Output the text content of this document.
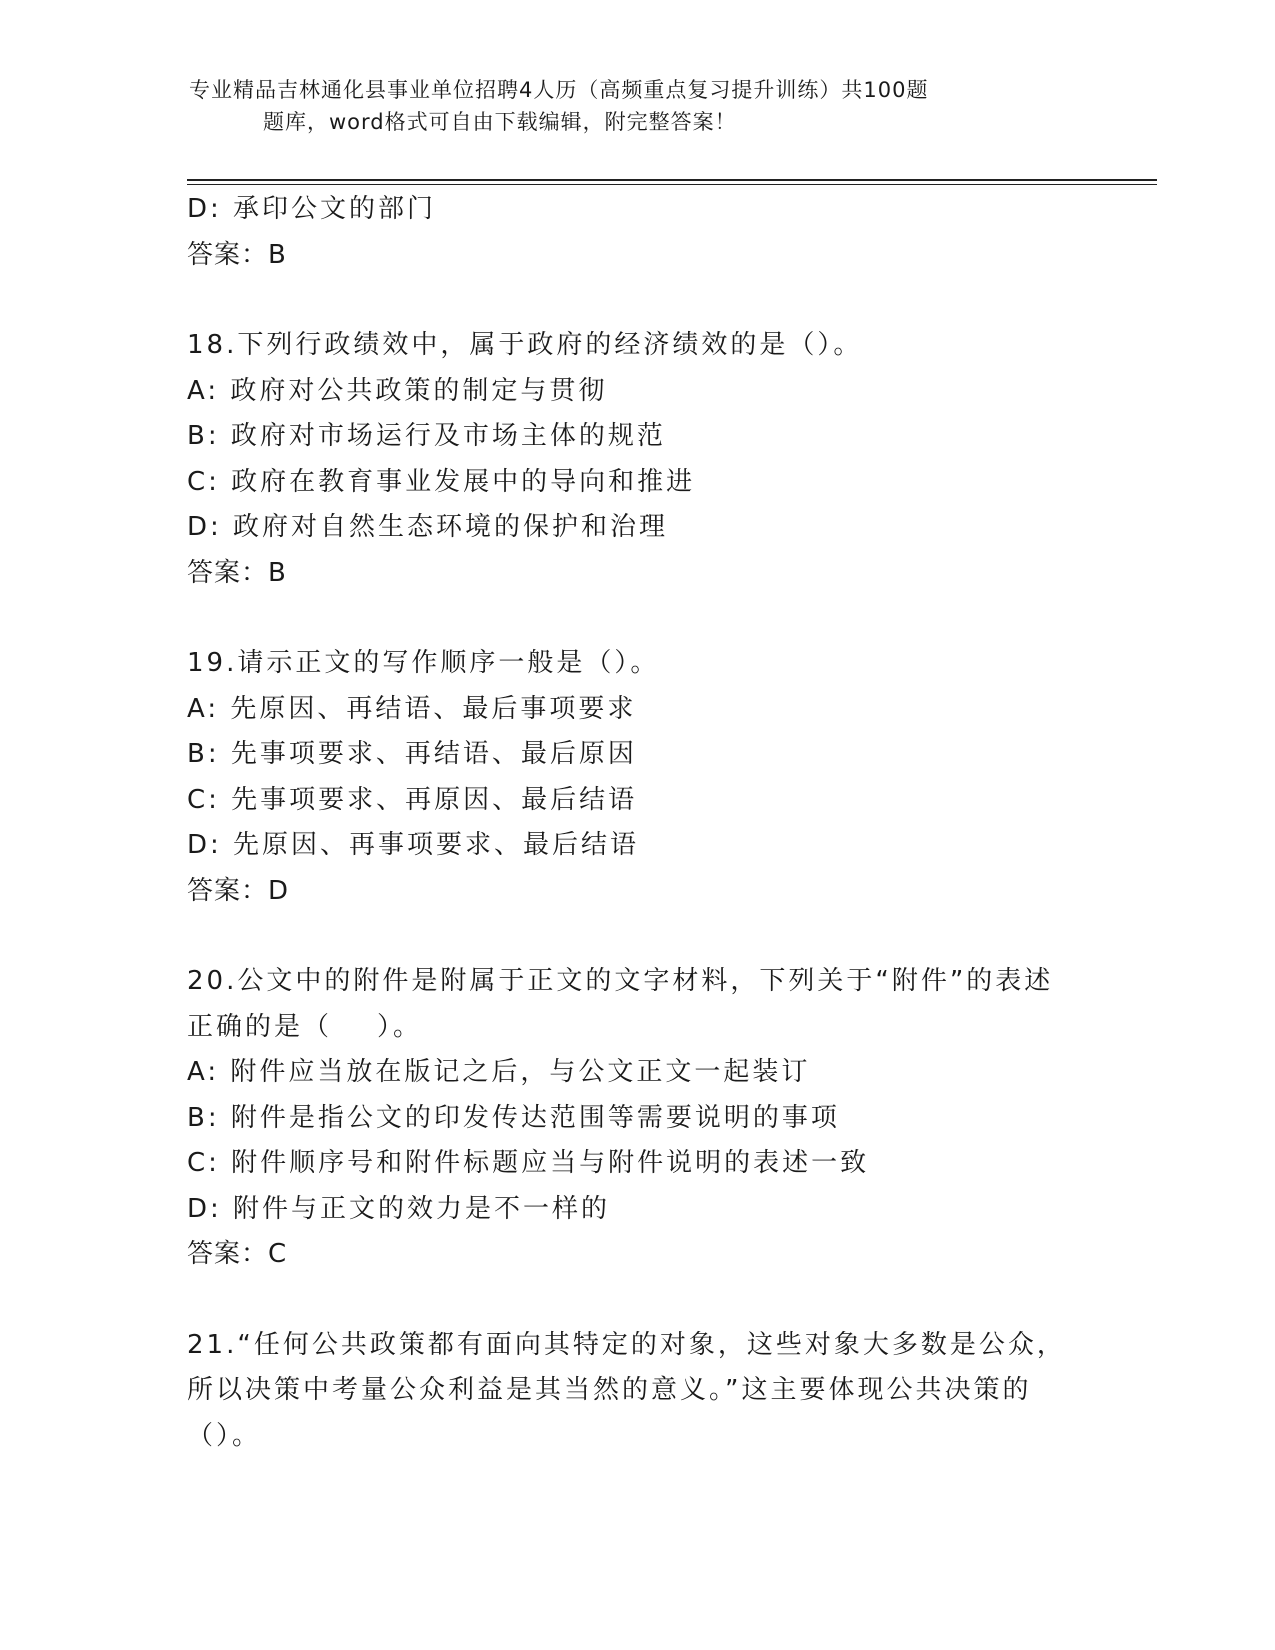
专业精品吉林通化县事业单位招聘4人历（高频重点复习提升训练）共100题
题库，word格式可自由下载编辑，附完整答案！
D: 承印公文的部门
答案：B
18.下列行政绩效中，属于政府的经济绩效的是（）。
A: 政府对公共政策的制定与贯彻
B: 政府对市场运行及市场主体的规范
C: 政府在教育事业发展中的导向和推进
D: 政府对自然生态环境的保护和治理
答案：B
19.请示正文的写作顺序一般是（）。
A: 先原因、再结语、最后事项要求
B: 先事项要求、再结语、最后原因
C: 先事项要求、再原因、最后结语
D: 先原因、再事项要求、最后结语
答案：D
20.公文中的附件是附属于正文的文字材料，下列关于“附件”的表述
正确的是（    ）。
A: 附件应当放在版记之后，与公文正文一起装订
B: 附件是指公文的印发传达范围等需要说明的事项
C: 附件顺序号和附件标题应当与附件说明的表述一致
D: 附件与正文的效力是不一样的
答案：C
21.“任何公共政策都有面向其特定的对象，这些对象大多数是公众，
所以决策中考量公众利益是其当然的意义。”这主要体现公共决策的
（）。
